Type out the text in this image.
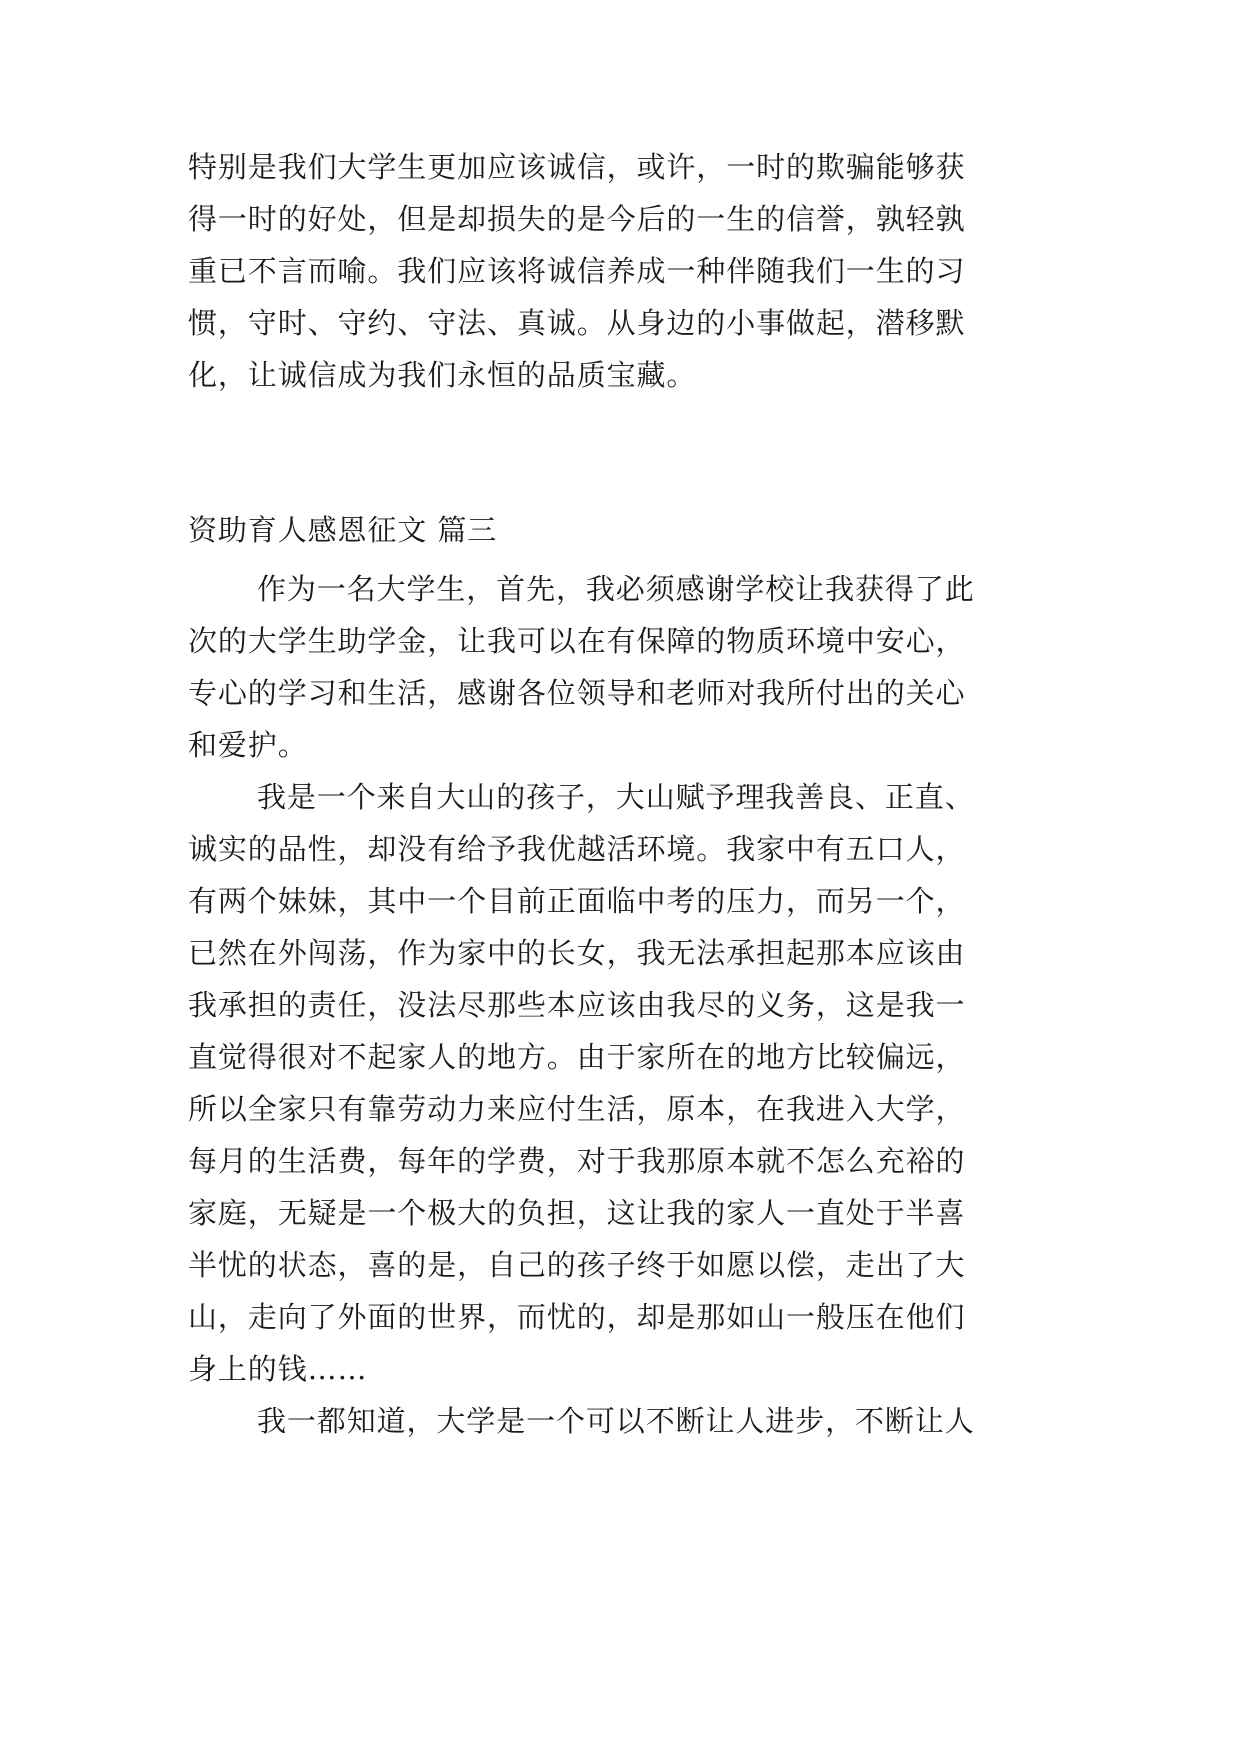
特别是我们大学生更加应该诚信，或许，一时的欺骗能够获
得一时的好处，但是却损失的是今后的一生的信誉，孰轻孰
重已不言而喻。我们应该将诚信养成一种伴随我们一生的习
惯，守时、守约、守法、真诚。从身边的小事做起，潜移默
化，让诚信成为我们永恒的品质宝藏。
资助育人感恩征文 篇三
作为一名大学生，首先，我必须感谢学校让我获得了此
次的大学生助学金，让我可以在有保障的物质环境中安心，
专心的学习和生活，感谢各位领导和老师对我所付出的关心
和爱护。
我是一个来自大山的孩子，大山赋予理我善良、正直、
诚实的品性，却没有给予我优越活环境。我家中有五口人，
有两个妹妹，其中一个目前正面临中考的压力，而另一个，
已然在外闯荡，作为家中的长女，我无法承担起那本应该由
我承担的责任，没法尽那些本应该由我尽的义务，这是我一
直觉得很对不起家人的地方。由于家所在的地方比较偏远，
所以全家只有靠劳动力来应付生活，原本，在我进入大学，
每月的生活费，每年的学费，对于我那原本就不怎么充裕的
家庭，无疑是一个极大的负担，这让我的家人一直处于半喜
半忧的状态，喜的是，自己的孩子终于如愿以偿，走出了大
山，走向了外面的世界，而忧的，却是那如山一般压在他们
身上的钱……
我一都知道，大学是一个可以不断让人进步，不断让人
